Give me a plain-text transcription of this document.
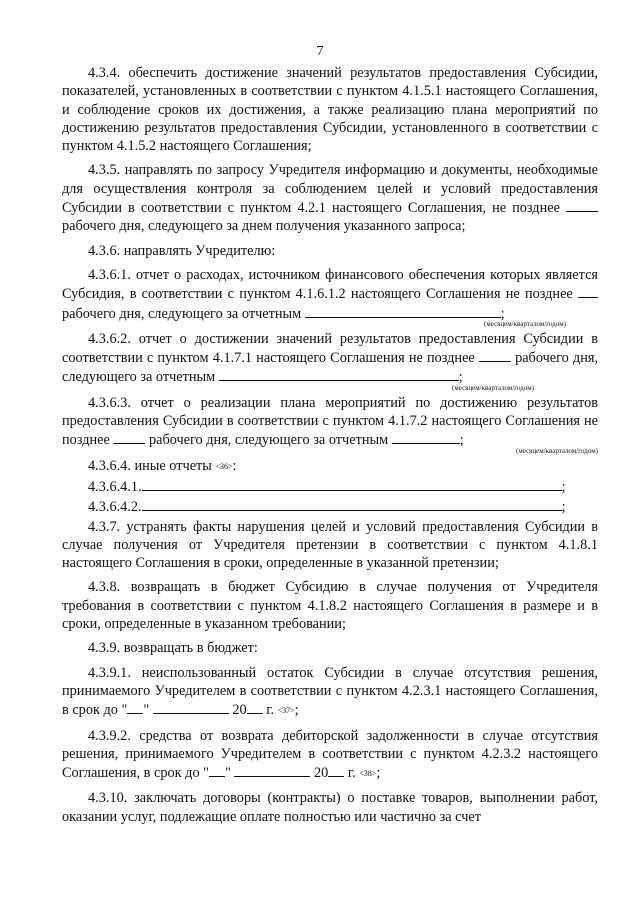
7

4.3.4. обеспечить достижение значений результатов предоставления Субсидии, показателей, установленных в соответствии с пунктом 4.1.5.1 настоящего Соглашения, и соблюдение сроков их достижения, а также реализацию плана мероприятий по достижению результатов предоставления Субсидии, установленного в соответствии с пунктом 4.1.5.2 настоящего Соглашения;

4.3.5. направлять по запросу Учредителя информацию и документы, необходимые для осуществления контроля за соблюдением целей и условий предоставления Субсидии в соответствии с пунктом 4.2.1 настоящего Соглашения, не позднее  рабочего дня, следующего за днем получения указанного запроса;

4.3.6. направлять Учредителю:

4.3.6.1. отчет о расходах, источником финансового обеспечения которых является Субсидия, в соответствии с пунктом 4.1.6.1.2 настоящего Соглашения не позднее  рабочего дня, следующего за отчетным	;

(месяцем/кварталом/годом)

4.3.6.2. отчет о достижении значений результатов предоставления Субсидии в соответствии с пунктом 4.1.7.1 настоящего Соглашения не позднее	рабочего дня, следующего за отчетным	;

(месяцем/кварталом/годом)

4.3.6.3. отчет о реализации плана мероприятий по достижению результатов предоставления Субсидии в соответствии с пунктом 4.1.7.2 настоящего Соглашения не позднее	рабочего дня, следующего за отчетным	;

(месяцем/кварталом/годом)

4.3.6.4. иные отчеты <36>:

4.3.6.4.1.	;

4.3.6.4.2.	;

4.3.7. устранять факты нарушения целей и условий предоставления Субсидии в случае получения от Учредителя претензии в соответствии с пунктом 4.1.8.1 настоящего Соглашения в сроки, определенные в указанной претензии;

4.3.8. возвращать в бюджет Субсидию в случае получения от Учредителя требования в соответствии с пунктом 4.1.8.2 настоящего Соглашения в размере и в сроки, определенные в указанном требовании;

4.3.9. возвращать в бюджет:

4.3.9.1. неиспользованный остаток Субсидии в случае отсутствия решения, принимаемого Учредителем в соответствии с пунктом 4.2.3.1 настоящего Соглашения, в срок до " "	20 г. <37>;

4.3.9.2. средства от возврата дебиторской задолженности в случае отсутствия решения, принимаемого Учредителем в соответствии с пунктом 4.2.3.2 настоящего Соглашения, в срок до " "	20 г. <38>;

4.3.10. заключать договоры (контракты) о поставке товаров, выполнении работ, оказании услуг, подлежащие оплате полностью или частично за счет
